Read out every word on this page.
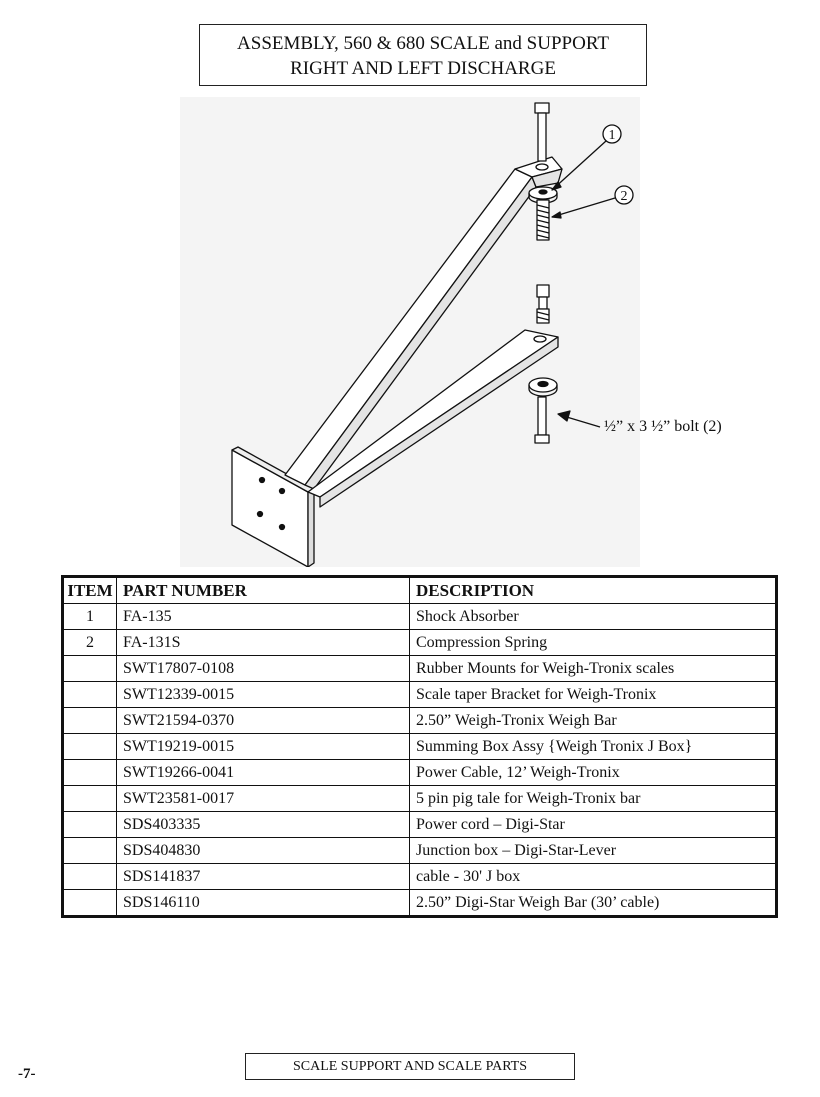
ASSEMBLY, 560 & 680 SCALE and SUPPORT
RIGHT AND LEFT DISCHARGE
1
2
½” x 3 ½” bolt (2)
ITEM	PART NUMBER	DESCRIPTION
1	FA-135	Shock Absorber
2	FA-131S	Compression Spring
	SWT17807-0108	Rubber Mounts for Weigh-Tronix scales
	SWT12339-0015	Scale taper Bracket for Weigh-Tronix
	SWT21594-0370	2.50” Weigh-Tronix Weigh Bar
	SWT19219-0015	Summing Box Assy {Weigh Tronix J Box}
	SWT19266-0041	Power Cable, 12’ Weigh-Tronix
	SWT23581-0017	5 pin pig tale for Weigh-Tronix bar
	SDS403335	Power cord – Digi-Star
	SDS404830	Junction box – Digi-Star-Lever
	SDS141837	cable - 30' J box
	SDS146110	2.50” Digi-Star Weigh Bar (30’ cable)
-7-	SCALE SUPPORT AND SCALE PARTS
